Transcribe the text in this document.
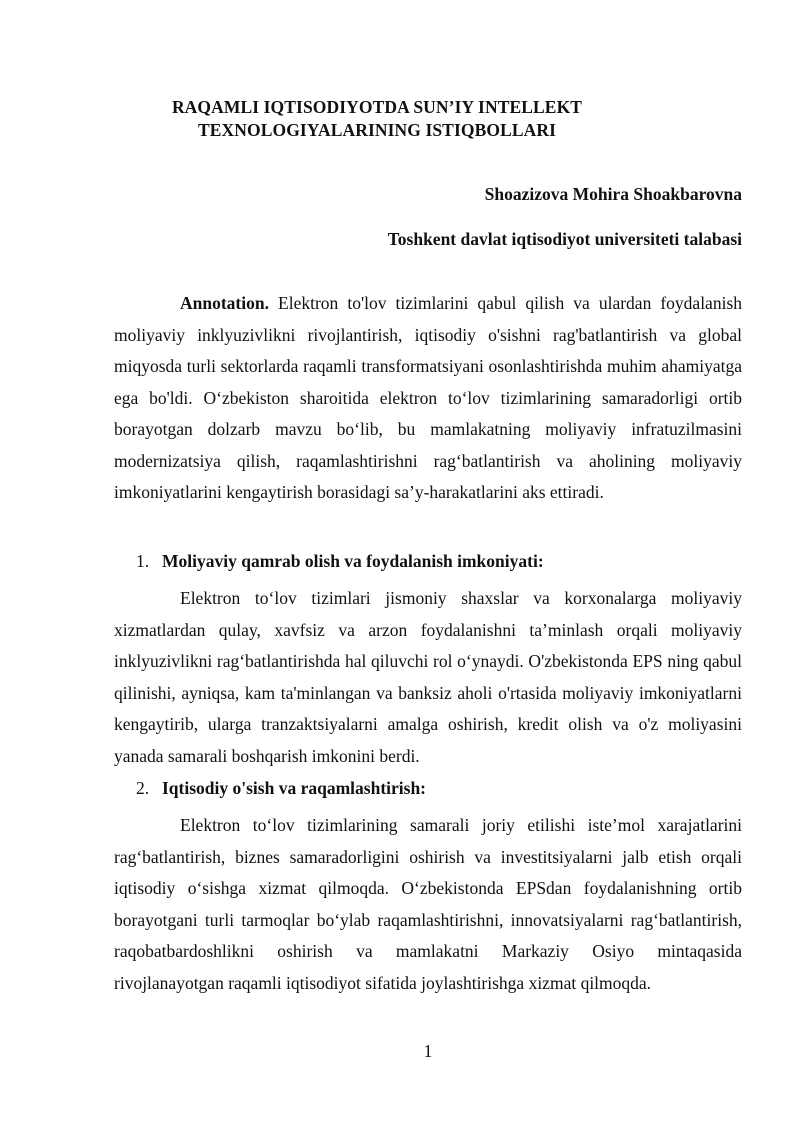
RAQAMLI IQTISODIYOTDA SUN’IY INTELLEKT
TEXNOLOGIYALARINING ISTIQBOLLARI
Shoazizova Mohira Shoakbarovna
Toshkent davlat iqtisodiyot universiteti talabasi
Annotation. Elektron to'lov tizimlarini qabul qilish va ulardan foydalanish moliyaviy inklyuzivlikni rivojlantirish, iqtisodiy o'sishni rag'batlantirish va global miqyosda turli sektorlarda raqamli transformatsiyani osonlashtirishda muhim ahamiyatga ega bo'ldi. O‘zbekiston sharoitida elektron to‘lov tizimlarining samaradorligi ortib borayotgan dolzarb mavzu bo‘lib, bu mamlakatning moliyaviy infratuzilmasini modernizatsiya qilish, raqamlashtirishni rag‘batlantirish va aholining moliyaviy imkoniyatlarini kengaytirish borasidagi sa’y-harakatlarini aks ettiradi.
1. Moliyaviy qamrab olish va foydalanish imkoniyati:
Elektron to‘lov tizimlari jismoniy shaxslar va korxonalarga moliyaviy xizmatlardan qulay, xavfsiz va arzon foydalanishni ta’minlash orqali moliyaviy inklyuzivlikni rag‘batlantirishda hal qiluvchi rol o‘ynaydi. O'zbekistonda EPS ning qabul qilinishi, ayniqsa, kam ta'minlangan va banksiz aholi o'rtasida moliyaviy imkoniyatlarni kengaytirib, ularga tranzaktsiyalarni amalga oshirish, kredit olish va o'z moliyasini yanada samarali boshqarish imkonini berdi.
2. Iqtisodiy o'sish va raqamlashtirish:
Elektron to‘lov tizimlarining samarali joriy etilishi iste’mol xarajatlarini rag‘batlantirish, biznes samaradorligini oshirish va investitsiyalarni jalb etish orqali iqtisodiy o‘sishga xizmat qilmoqda. O‘zbekistonda EPSdan foydalanishning ortib borayotgani turli tarmoqlar bo‘ylab raqamlashtirishni, innovatsiyalarni rag‘batlantirish, raqobatbardoshlikni oshirish va mamlakatni Markaziy Osiyo mintaqasida rivojlanayotgan raqamli iqtisodiyot sifatida joylashtirishga xizmat qilmoqda.
1
